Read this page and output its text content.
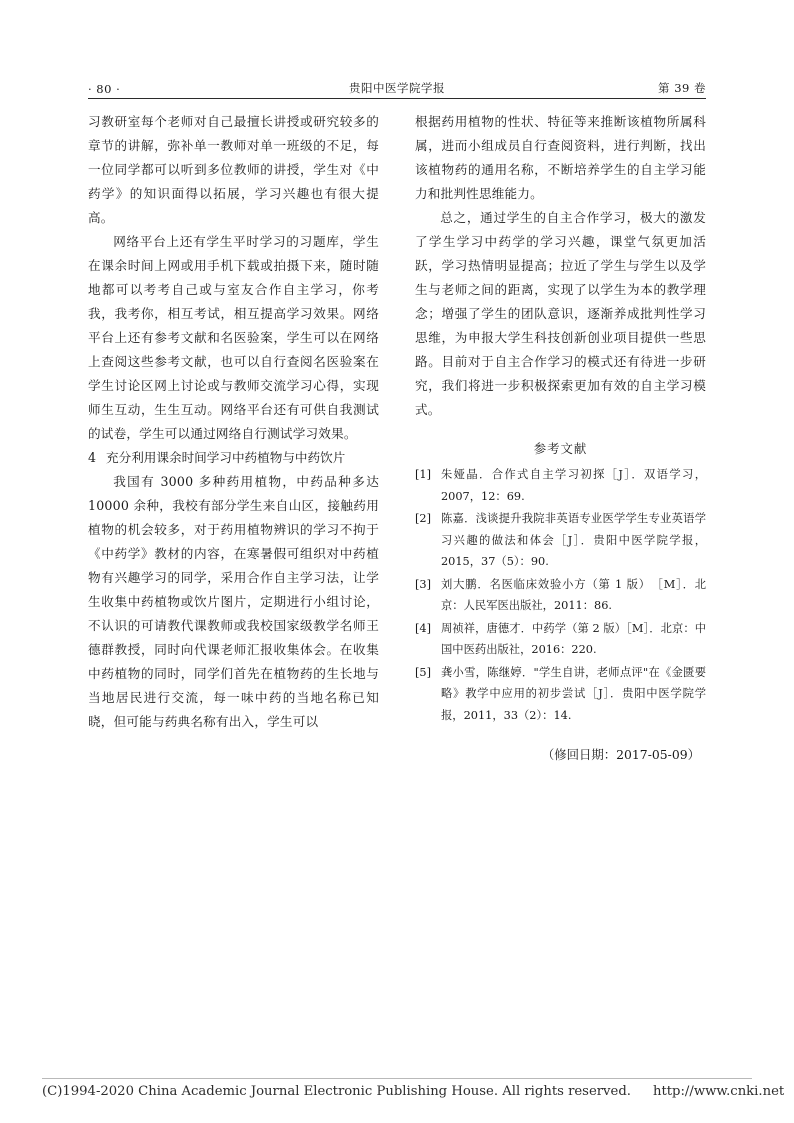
· 80 ·	贵阳中医学院学报	第 39 卷

习教研室每个老师对自己最擅长讲授或研究较多的章节的讲解，弥补单一教师对单一班级的不足，每一位同学都可以听到多位教师的讲授，学生对《中药学》的知识面得以拓展，学习兴趣也有很大提高。

网络平台上还有学生平时学习的习题库，学生在课余时间上网或用手机下载或拍摄下来，随时随地都可以考考自己或与室友合作自主学习，你考我，我考你，相互考试，相互提高学习效果。网络平台上还有参考文献和名医验案，学生可以在网络上查阅这些参考文献，也可以自行查阅名医验案在学生讨论区网上讨论或与教师交流学习心得，实现师生互动，生生互动。网络平台还有可供自我测试的试卷，学生可以通过网络自行测试学习效果。

4 充分利用课余时间学习中药植物与中药饮片

我国有 3000 多种药用植物，中药品种多达 10000 余种，我校有部分学生来自山区，接触药用植物的机会较多，对于药用植物辨识的学习不拘于《中药学》教材的内容，在寒暑假可组织对中药植物有兴趣学习的同学，采用合作自主学习法，让学生收集中药植物或饮片图片，定期进行小组讨论，不认识的可请教代课教师或我校国家级教学名师王德群教授，同时向代课老师汇报收集体会。在收集中药植物的同时，同学们首先在植物药的生长地与当地居民进行交流，每一味中药的当地名称已知晓，但可能与药典名称有出入，学生可以

根据药用植物的性状、特征等来推断该植物所属科属，进而小组成员自行查阅资料，进行判断，找出该植物药的通用名称，不断培养学生的自主学习能力和批判性思维能力。

总之，通过学生的自主合作学习，极大的激发了学生学习中药学的学习兴趣，课堂气氛更加活跃，学习热情明显提高；拉近了学生与学生以及学生与老师之间的距离，实现了以学生为本的教学理念；增强了学生的团队意识，逐渐养成批判性学习思维，为申报大学生科技创新创业项目提供一些思路。目前对于自主合作学习的模式还有待进一步研究，我们将进一步积极探索更加有效的自主学习模式。

参考文献
[1] 朱娅晶．合作式自主学习初探［J］．双语学习，2007，12：69.
[2] 陈嘉．浅谈提升我院非英语专业医学学生专业英语学习兴趣的做法和体会［J］．贵阳中医学院学报，2015，37（5）：90.
[3] 刘大鹏．名医临床效验小方（第 1 版）　［M］．北京：人民军医出版社，2011：86.
[4] 周祯祥，唐德才．中药学（第 2 版）［M］．北京：中国中医药出版社，2016：220.
[5] 龚小雪，陈继婷．"学生自讲，老师点评"在《金匮要略》教学中应用的初步尝试［J］．贵阳中医学院学报，2011，33（2）：14.
（修回日期：2017-05-09）
(C)1994-2020 China Academic Journal Electronic Publishing House. All rights reserved. http://www.cnki.net
